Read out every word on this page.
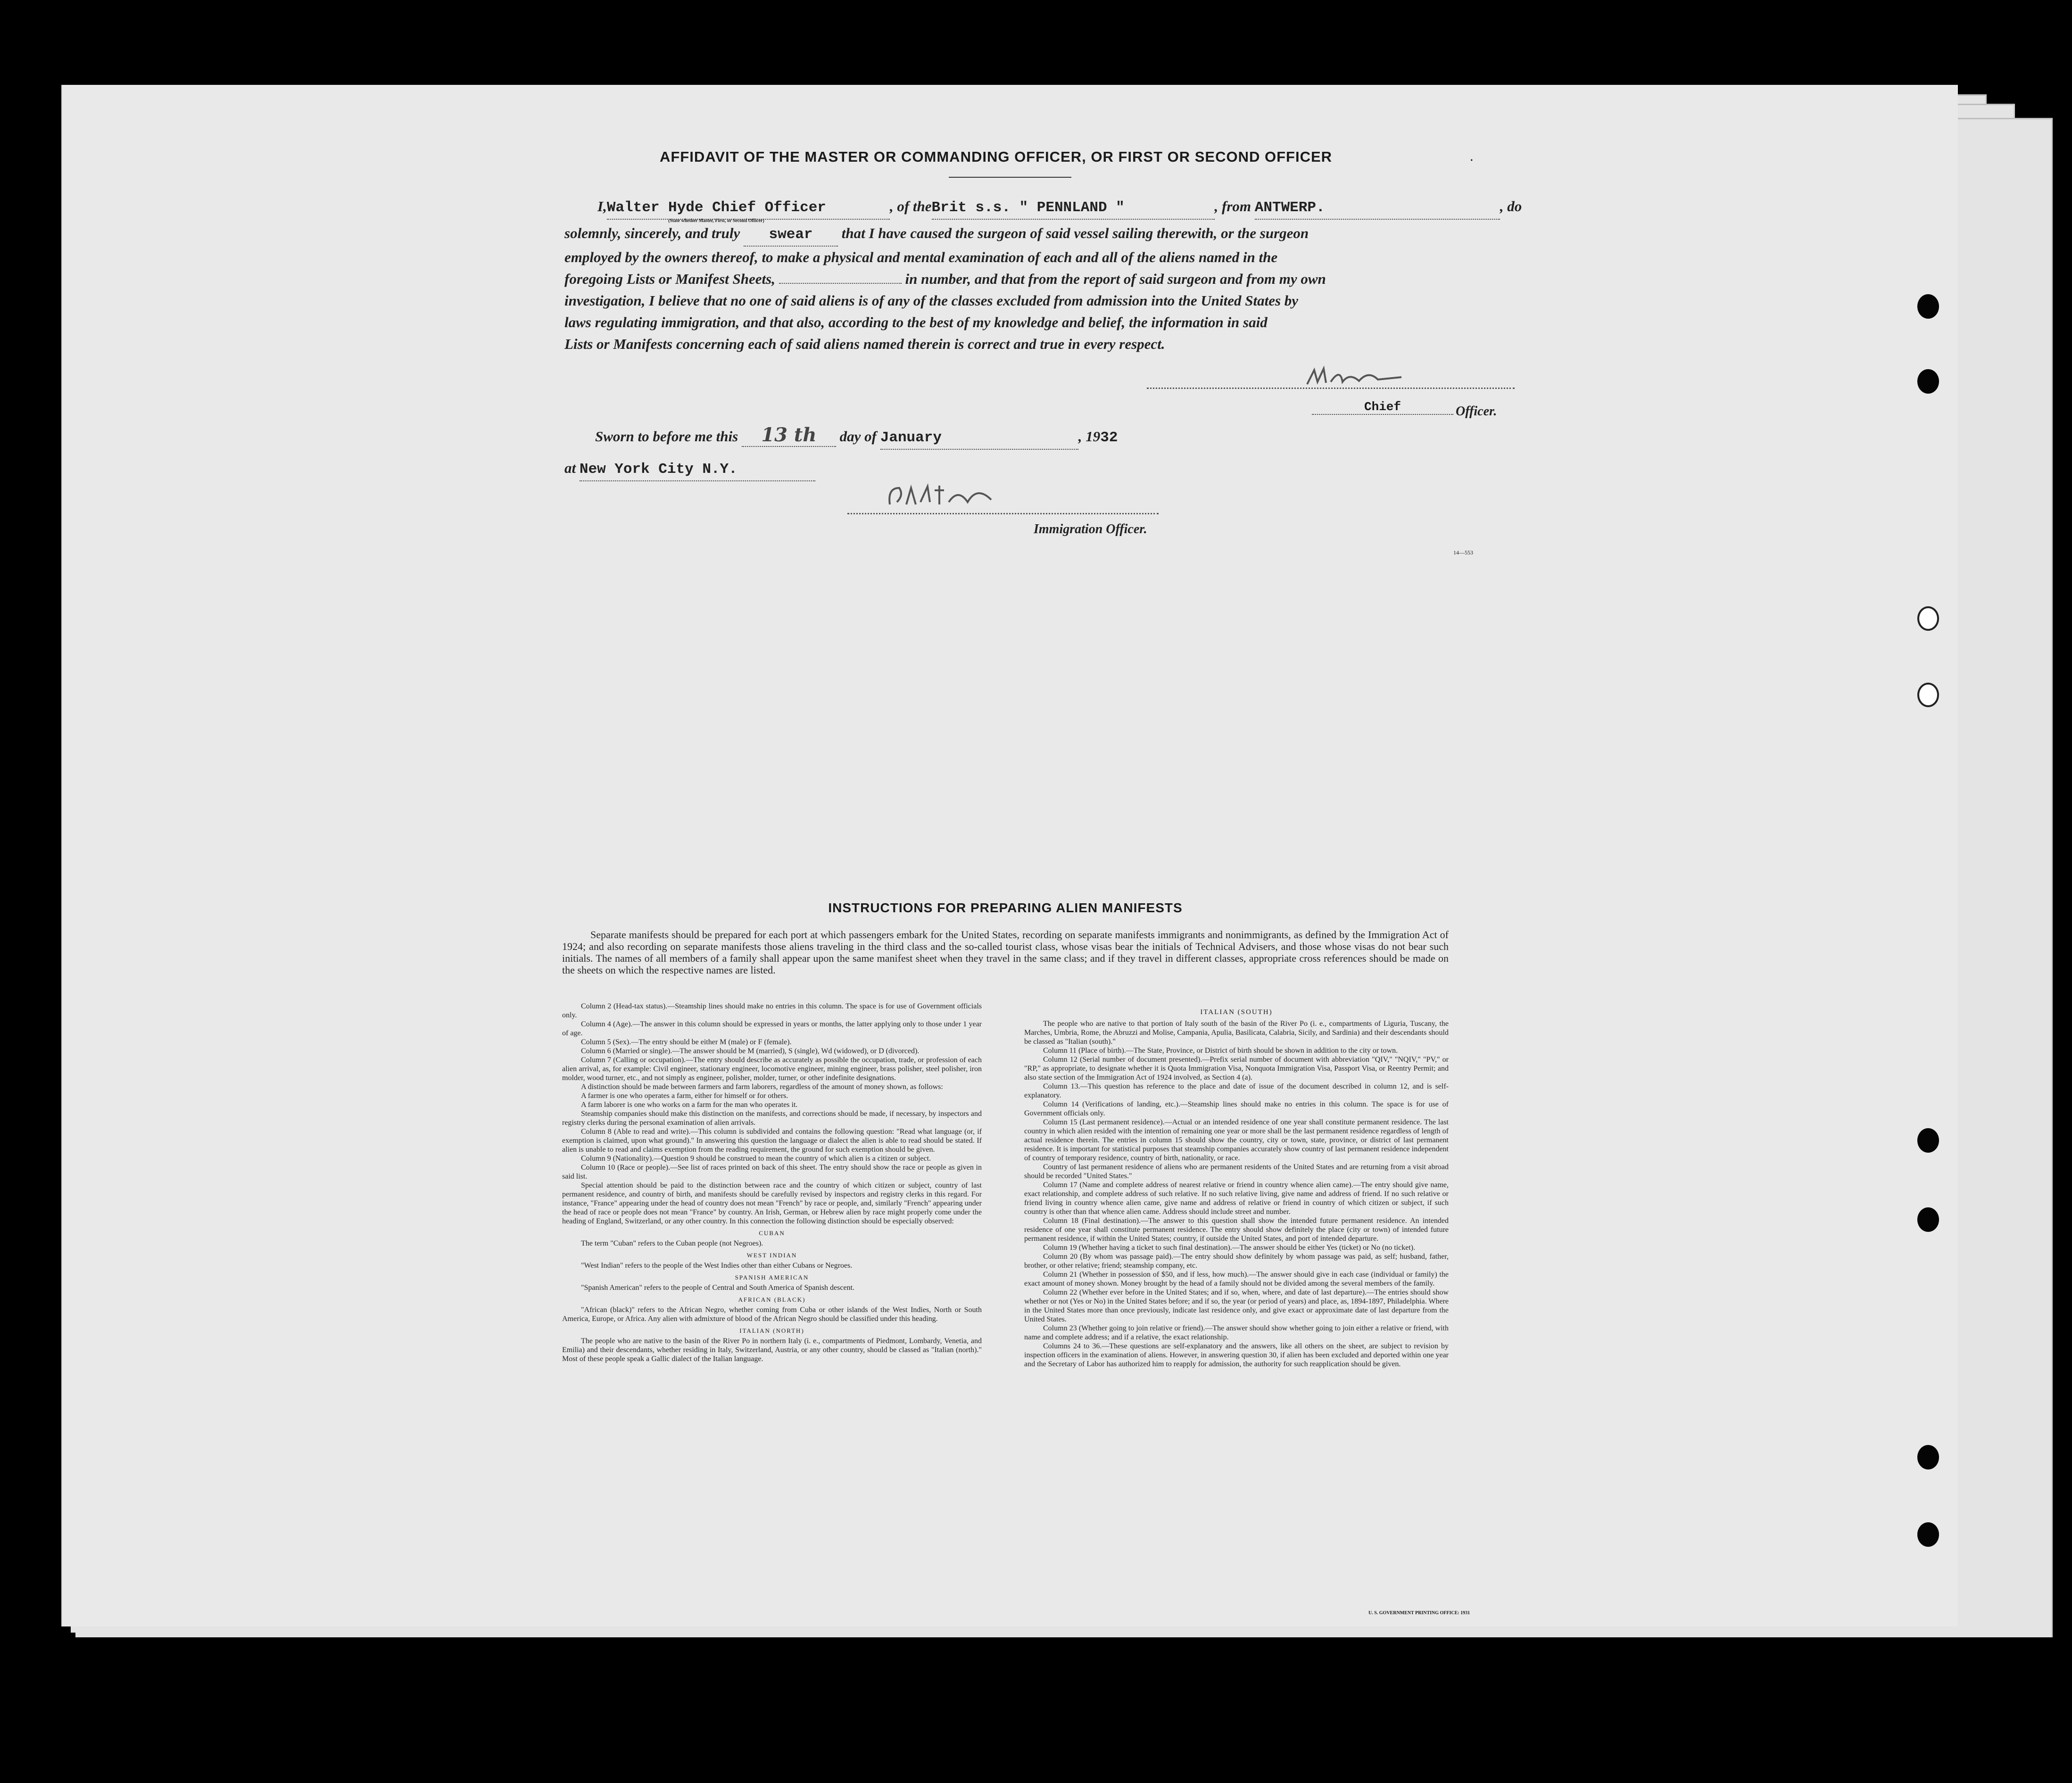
AFFIDAVIT OF THE MASTER OR COMMANDING OFFICER, OR FIRST OR SECOND OFFICER	.
I,Walter Hyde Chief Officer	, of theBrit s.s. " PENNLAND "	, from ANTWERP.	, do
(State whether Master, First, or Second Officer)
solemnly, sincerely, and truly swear that I have caused the surgeon of said vessel sailing therewith, or the surgeon
employed by the owners thereof, to make a physical and mental examination of each and all of the aliens named in the
foregoing Lists or Manifest Sheets,	in number, and that from the report of said surgeon and from my own
investigation, I believe that no one of said aliens is of any of the classes excluded from admission into the United States by
laws regulating immigration, and that also, according to the best of my knowledge and belief, the information in said
Lists or Manifests concerning each of said aliens named therein is correct and true in every respect.
Chief	Officer.
Sworn to before me this 13 th day of January	, 1932
at New York City N.Y.
Immigration Officer.
14—553
INSTRUCTIONS FOR PREPARING ALIEN MANIFESTS
Separate manifests should be prepared for each port at which passengers embark for the United States, recording on separate manifests immigrants and nonimmigrants, as defined by the Immigration Act of 1924; and also recording on separate manifests those aliens traveling in the third class and the so-called tourist class, whose visas bear the initials of Technical Advisers, and those whose visas do not bear such initials. The names of all members of a family shall appear upon the same manifest sheet when they travel in the same class; and if they travel in different classes, appropriate cross references should be made on the sheets on which the respective names are listed.
Column 2 (Head-tax status).—Steamship lines should make no entries in this column. The space is for use of Government officials only.
Column 4 (Age).—The answer in this column should be expressed in years or months, the latter applying only to those under 1 year of age.
Column 5 (Sex).—The entry should be either M (male) or F (female).
Column 6 (Married or single).—The answer should be M (married), S (single), Wd (widowed), or D (divorced).
Column 7 (Calling or occupation).—The entry should describe as accurately as possible the occupation, trade, or profession of each alien arrival, as, for example: Civil engineer, stationary engineer, locomotive engineer, mining engineer, brass polisher, steel polisher, iron molder, wood turner, etc., and not simply as engineer, polisher, molder, turner, or other indefinite designations.
A distinction should be made between farmers and farm laborers, regardless of the amount of money shown, as follows:
A farmer is one who operates a farm, either for himself or for others.
A farm laborer is one who works on a farm for the man who operates it.
Steamship companies should make this distinction on the manifests, and corrections should be made, if necessary, by inspectors and registry clerks during the personal examination of alien arrivals.
Column 8 (Able to read and write).—This column is subdivided and contains the following question: "Read what language (or, if exemption is claimed, upon what ground)." In answering this question the language or dialect the alien is able to read should be stated. If alien is unable to read and claims exemption from the reading requirement, the ground for such exemption should be given.
Column 9 (Nationality).—Question 9 should be construed to mean the country of which alien is a citizen or subject.
Column 10 (Race or people).—See list of races printed on back of this sheet. The entry should show the race or people as given in said list.
Special attention should be paid to the distinction between race and the country of which citizen or subject, country of last permanent residence, and country of birth, and manifests should be carefully revised by inspectors and registry clerks in this regard. For instance, "France" appearing under the head of country does not mean "French" by race or people, and, similarly "French" appearing under the head of race or people does not mean "France" by country. An Irish, German, or Hebrew alien by race might properly come under the heading of England, Switzerland, or any other country. In this connection the following distinction should be especially observed:
CUBAN
The term "Cuban" refers to the Cuban people (not Negroes).
WEST INDIAN
"West Indian" refers to the people of the West Indies other than either Cubans or Negroes.
SPANISH AMERICAN
"Spanish American" refers to the people of Central and South America of Spanish descent.
AFRICAN (BLACK)
"African (black)" refers to the African Negro, whether coming from Cuba or other islands of the West Indies, North or South America, Europe, or Africa. Any alien with admixture of blood of the African Negro should be classified under this heading.
ITALIAN (NORTH)
The people who are native to the basin of the River Po in northern Italy (i. e., compartments of Piedmont, Lombardy, Venetia, and Emilia) and their descendants, whether residing in Italy, Switzerland, Austria, or any other country, should be classed as "Italian (north)." Most of these people speak a Gallic dialect of the Italian language.
ITALIAN (SOUTH)
The people who are native to that portion of Italy south of the basin of the River Po (i. e., compartments of Liguria, Tuscany, the Marches, Umbria, Rome, the Abruzzi and Molise, Campania, Apulia, Basilicata, Calabria, Sicily, and Sardinia) and their descendants should be classed as "Italian (south)."
Column 11 (Place of birth).—The State, Province, or District of birth should be shown in addition to the city or town.
Column 12 (Serial number of document presented).—Prefix serial number of document with abbreviation "QIV," "NQIV," "PV," or "RP," as appropriate, to designate whether it is Quota Immigration Visa, Nonquota Immigration Visa, Passport Visa, or Reentry Permit; and also state section of the Immigration Act of 1924 involved, as Section 4 (a).
Column 13.—This question has reference to the place and date of issue of the document described in column 12, and is self-explanatory.
Column 14 (Verifications of landing, etc.).—Steamship lines should make no entries in this column. The space is for use of Government officials only.
Column 15 (Last permanent residence).—Actual or an intended residence of one year shall constitute permanent residence. The last country in which alien resided with the intention of remaining one year or more shall be the last permanent residence regardless of length of actual residence therein. The entries in column 15 should show the country, city or town, state, province, or district of last permanent residence. It is important for statistical purposes that steamship companies accurately show country of last permanent residence independent of country of temporary residence, country of birth, nationality, or race.
Country of last permanent residence of aliens who are permanent residents of the United States and are returning from a visit abroad should be recorded "United States."
Column 17 (Name and complete address of nearest relative or friend in country whence alien came).—The entry should give name, exact relationship, and complete address of such relative. If no such relative living, give name and address of friend. If no such relative or friend living in country whence alien came, give name and address of relative or friend in country of which citizen or subject, if such country is other than that whence alien came. Address should include street and number.
Column 18 (Final destination).—The answer to this question shall show the intended future permanent residence. An intended residence of one year shall constitute permanent residence. The entry should show definitely the place (city or town) of intended future permanent residence, if within the United States; country, if outside the United States, and port of intended departure.
Column 19 (Whether having a ticket to such final destination).—The answer should be either Yes (ticket) or No (no ticket).
Column 20 (By whom was passage paid).—The entry should show definitely by whom passage was paid, as self; husband, father, brother, or other relative; friend; steamship company, etc.
Column 21 (Whether in possession of $50, and if less, how much).—The answer should give in each case (individual or family) the exact amount of money shown. Money brought by the head of a family should not be divided among the several members of the family.
Column 22 (Whether ever before in the United States; and if so, when, where, and date of last departure).—The entries should show whether or not (Yes or No) in the United States before; and if so, the year (or period of years) and place, as, 1894-1897, Philadelphia. Where in the United States more than once previously, indicate last residence only, and give exact or approximate date of last departure from the United States.
Column 23 (Whether going to join relative or friend).—The answer should show whether going to join either a relative or friend, with name and complete address; and if a relative, the exact relationship.
Columns 24 to 36.—These questions are self-explanatory and the answers, like all others on the sheet, are subject to revision by inspection officers in the examination of aliens. However, in answering question 30, if alien has been excluded and deported within one year and the Secretary of Labor has authorized him to reapply for admission, the authority for such reapplication should be given.
U. S. GOVERNMENT PRINTING OFFICE: 1931
